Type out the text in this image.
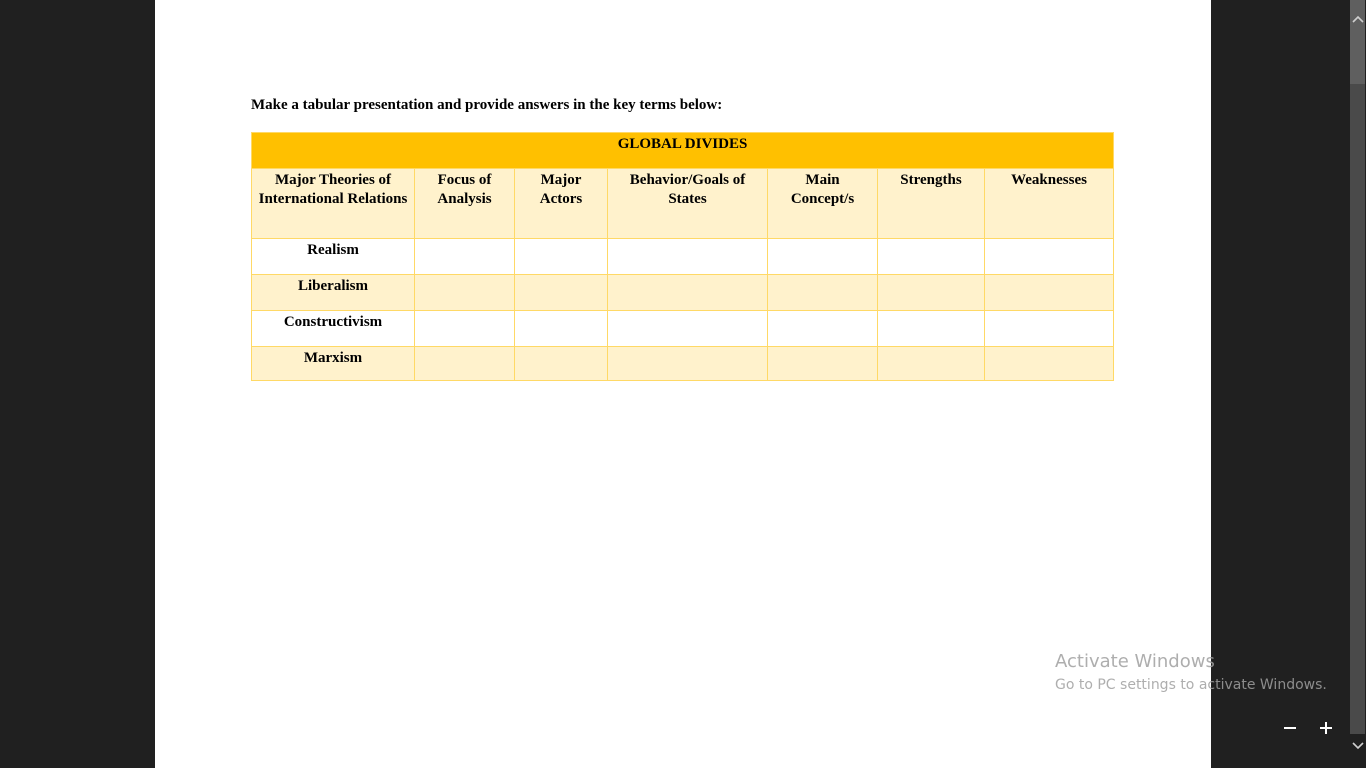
Make a tabular presentation and provide answers in the key terms below:
GLOBAL DIVIDES						
Major Theories of International Relations	Focus of Analysis	Major Actors	Behavior/Goals of States	Main Concept/s	Strengths	Weaknesses
Realism						
Liberalism						
Constructivism						
Marxism						
Activate Windows
Go to PC settings to activate Windows.
